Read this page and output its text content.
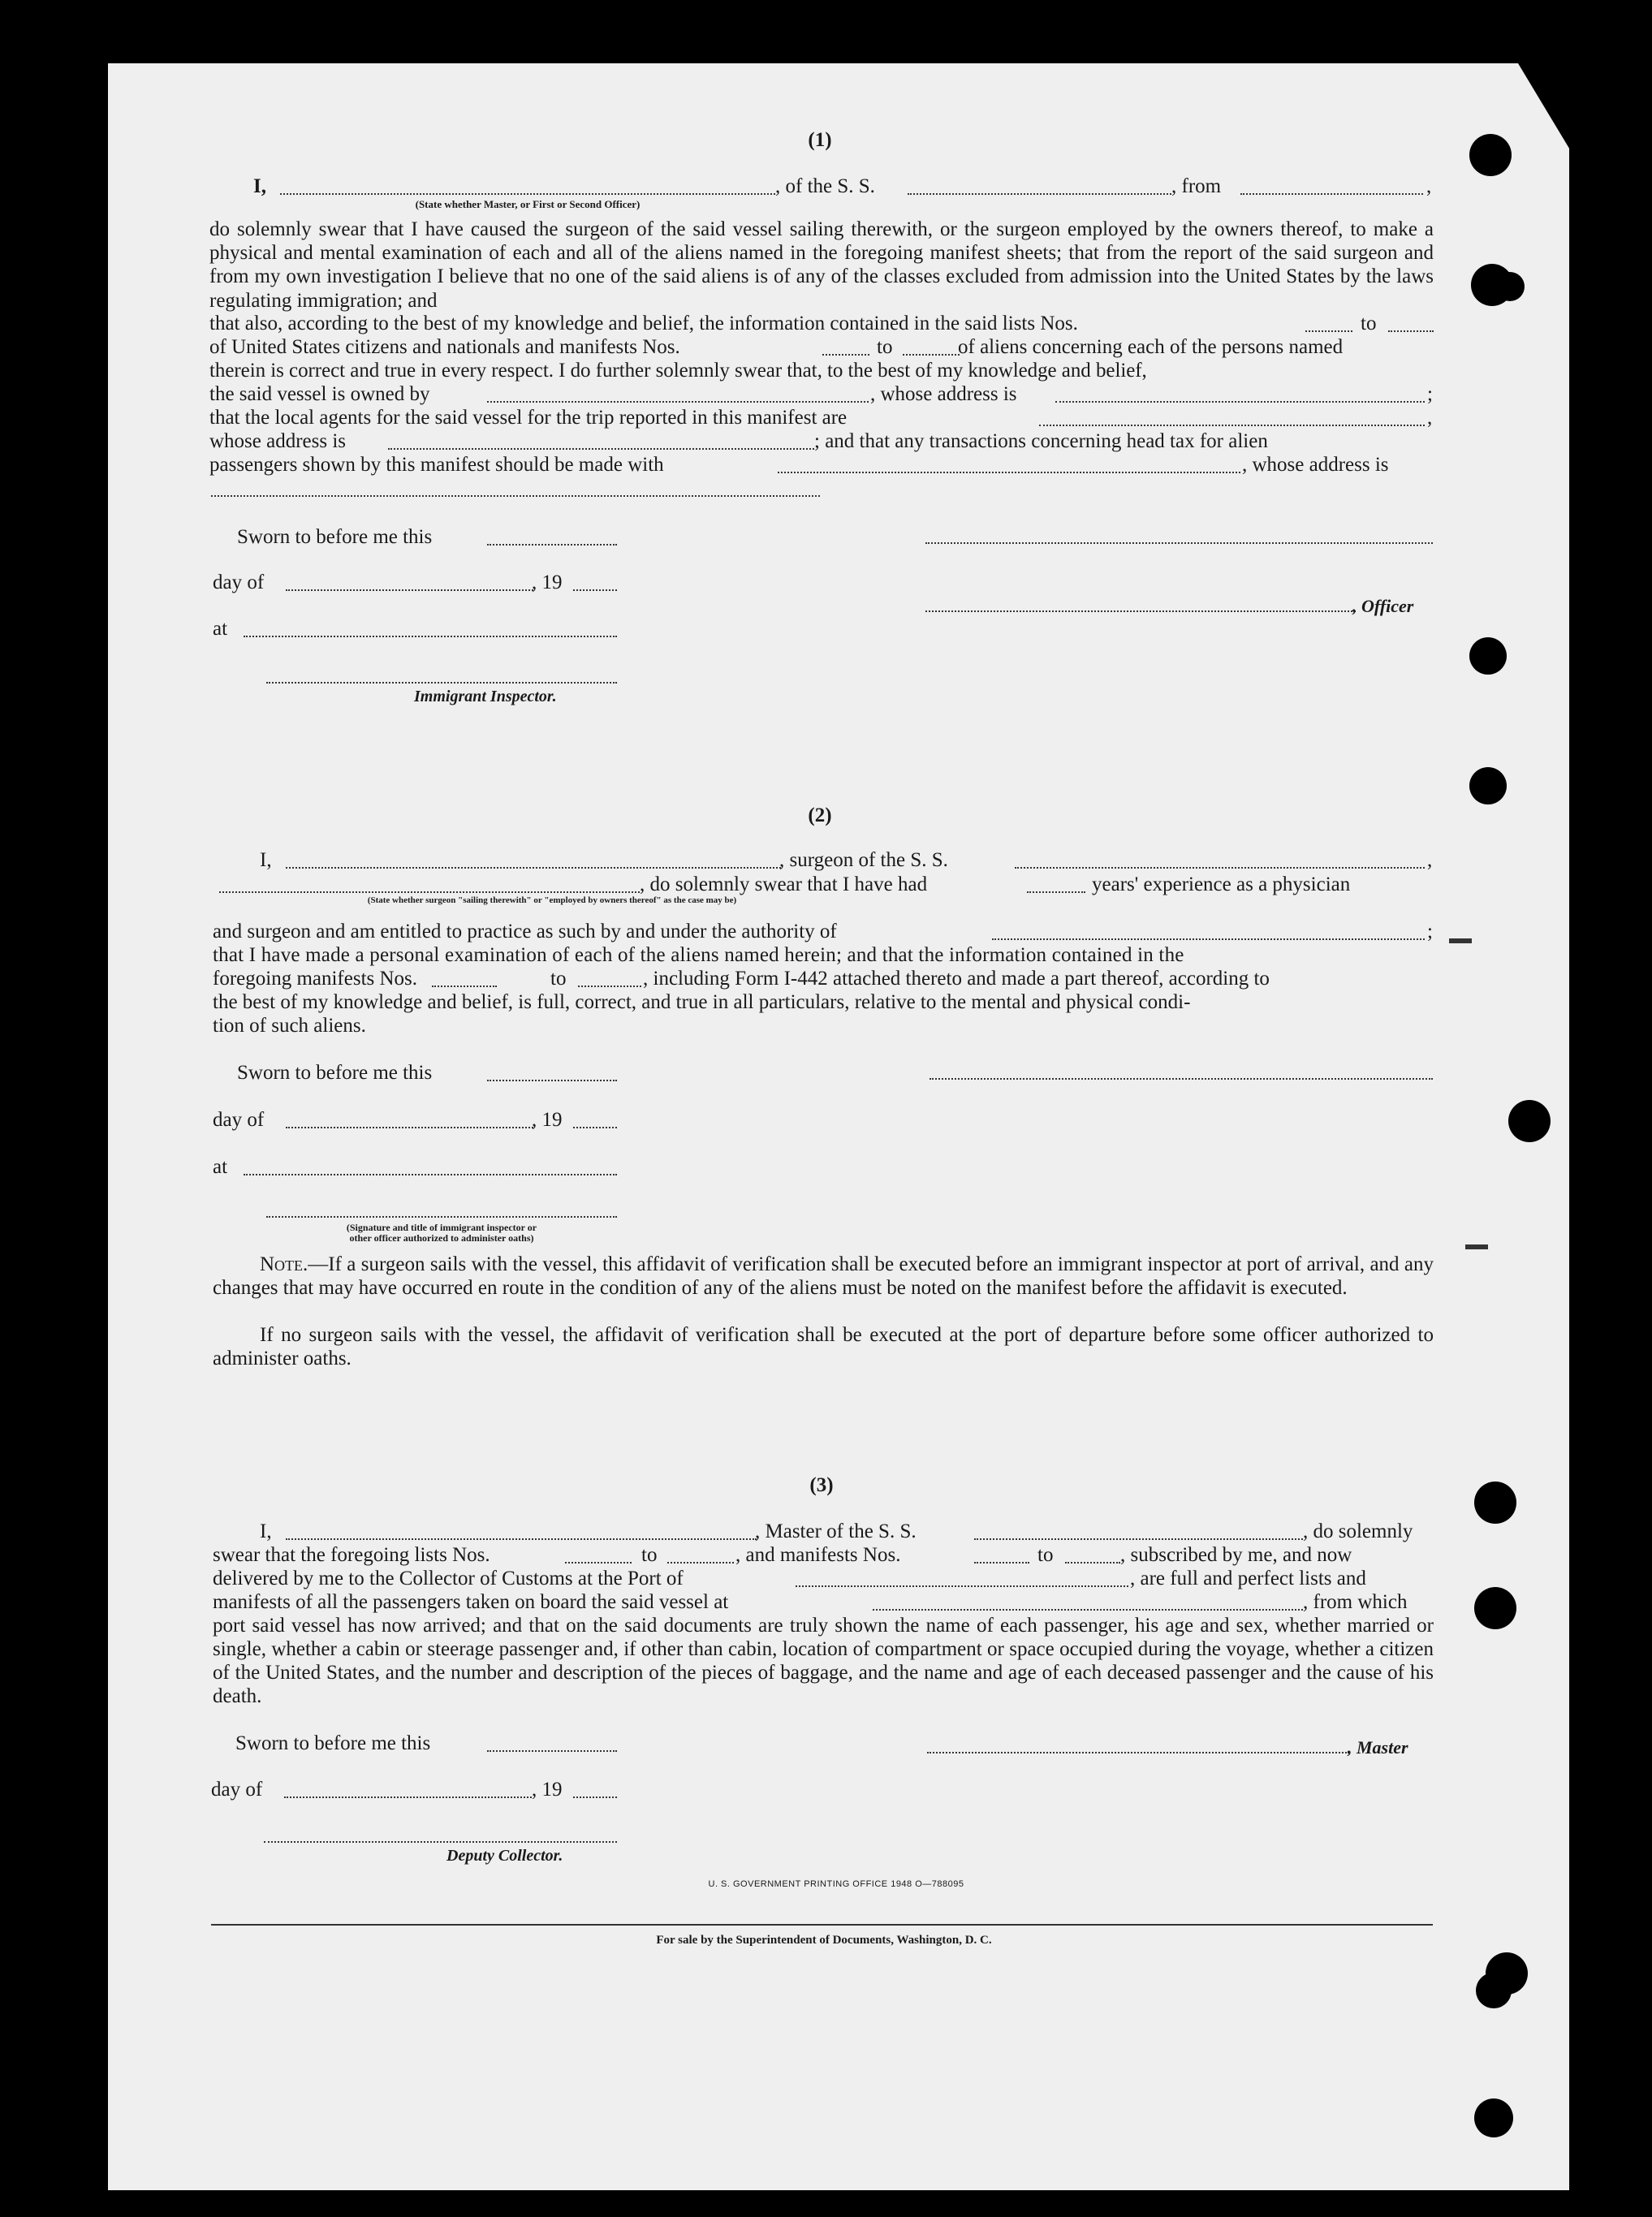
(1)
I,	, of the S. S.	, from	,
(State whether Master, or First or Second Officer)
do solemnly swear that I have caused the surgeon of the said vessel sailing therewith, or the surgeon employed by the owners thereof, to make a physical and mental examination of each and all of the aliens named in the foregoing manifest sheets; that from the report of the said surgeon and from my own investigation I believe that no one of the said aliens is of any of the classes excluded from admission into the United States by the laws regulating immigration; and
that also, according to the best of my knowledge and belief, the information contained in the said lists Nos.	to
of United States citizens and nationals and manifests Nos.	to	of aliens concerning each of the persons named
therein is correct and true in every respect. I do further solemnly swear that, to the best of my knowledge and belief,
the said vessel is owned by	, whose address is	;
that the local agents for the said vessel for the trip reported in this manifest are	,
whose address is	; and that any transactions concerning head tax for alien
passengers shown by this manifest should be made with	, whose address is
Sworn to before me this
day of	, 19
, Officer
at
Immigrant Inspector.
(2)
I,	, surgeon of the S. S.	,
, do solemnly swear that I have had	years' experience as a physician
(State whether surgeon "sailing therewith" or "employed by owners thereof" as the case may be)
and surgeon and am entitled to practice as such by and under the authority of	;
that I have made a personal examination of each of the aliens named herein; and that the information contained in the
foregoing manifests Nos.	to	, including Form I-442 attached thereto and made a part thereof, according to
the best of my knowledge and belief, is full, correct, and true in all particulars, relative to the mental and physical condi-
tion of such aliens.
Sworn to before me this
day of	, 19
at
(Signature and title of immigrant inspector or
other officer authorized to administer oaths)
Note.—If a surgeon sails with the vessel, this affidavit of verification shall be executed before an immigrant inspector at port of arrival, and any changes that may have occurred en route in the condition of any of the aliens must be noted on the manifest before the affidavit is executed.
If no surgeon sails with the vessel, the affidavit of verification shall be executed at the port of departure before some officer authorized to administer oaths.
(3)
I,	, Master of the S. S.	, do solemnly
swear that the foregoing lists Nos.	to	, and manifests Nos.	to	, subscribed by me, and now
delivered by me to the Collector of Customs at the Port of	, are full and perfect lists and
manifests of all the passengers taken on board the said vessel at	, from which
port said vessel has now arrived; and that on the said documents are truly shown the name of each passenger, his age and sex, whether married or single, whether a cabin or steerage passenger and, if other than cabin, location of compartment or space occupied during the voyage, whether a citizen of the United States, and the number and description of the pieces of baggage, and the name and age of each deceased passenger and the cause of his death.
Sworn to before me this	, Master
day of	, 19
Deputy Collector.
U. S. GOVERNMENT PRINTING OFFICE 1948 O—788095
For sale by the Superintendent of Documents, Washington, D. C.
